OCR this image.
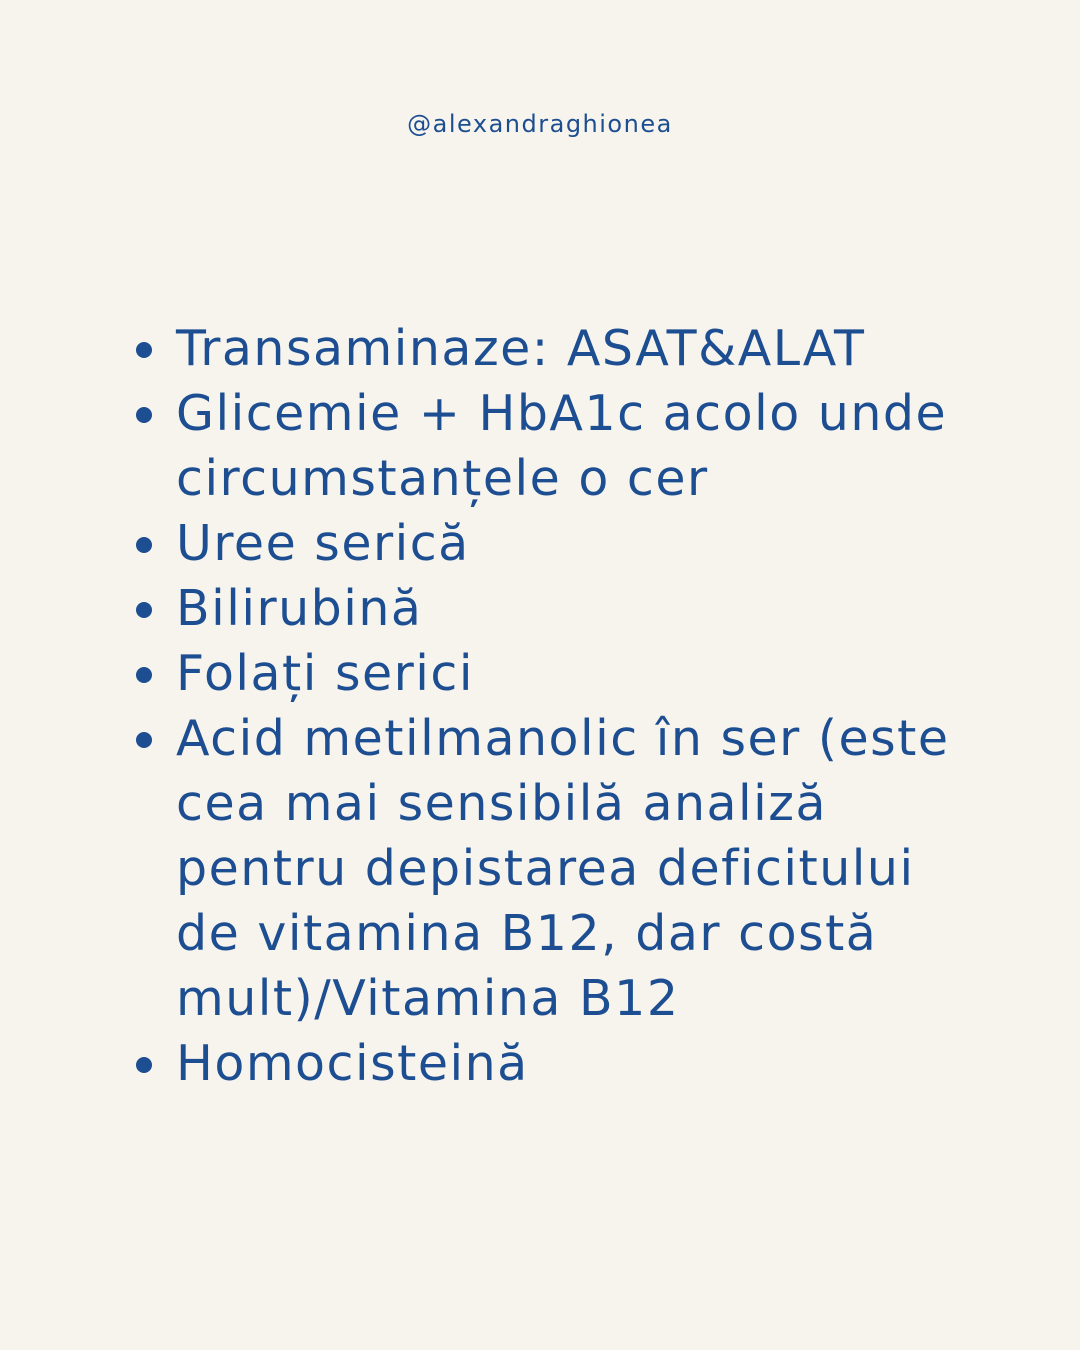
@alexandraghionea
Transaminaze: ASAT&ALAT
Glicemie + HbA1c acolo unde circumstanțele o cer
Uree serică
Bilirubină
Folați serici
Acid metilmanolic în ser (este cea mai sensibilă analiză pentru depistarea deficitului de vitamina B12, dar costă mult)/Vitamina B12
Homocisteină
